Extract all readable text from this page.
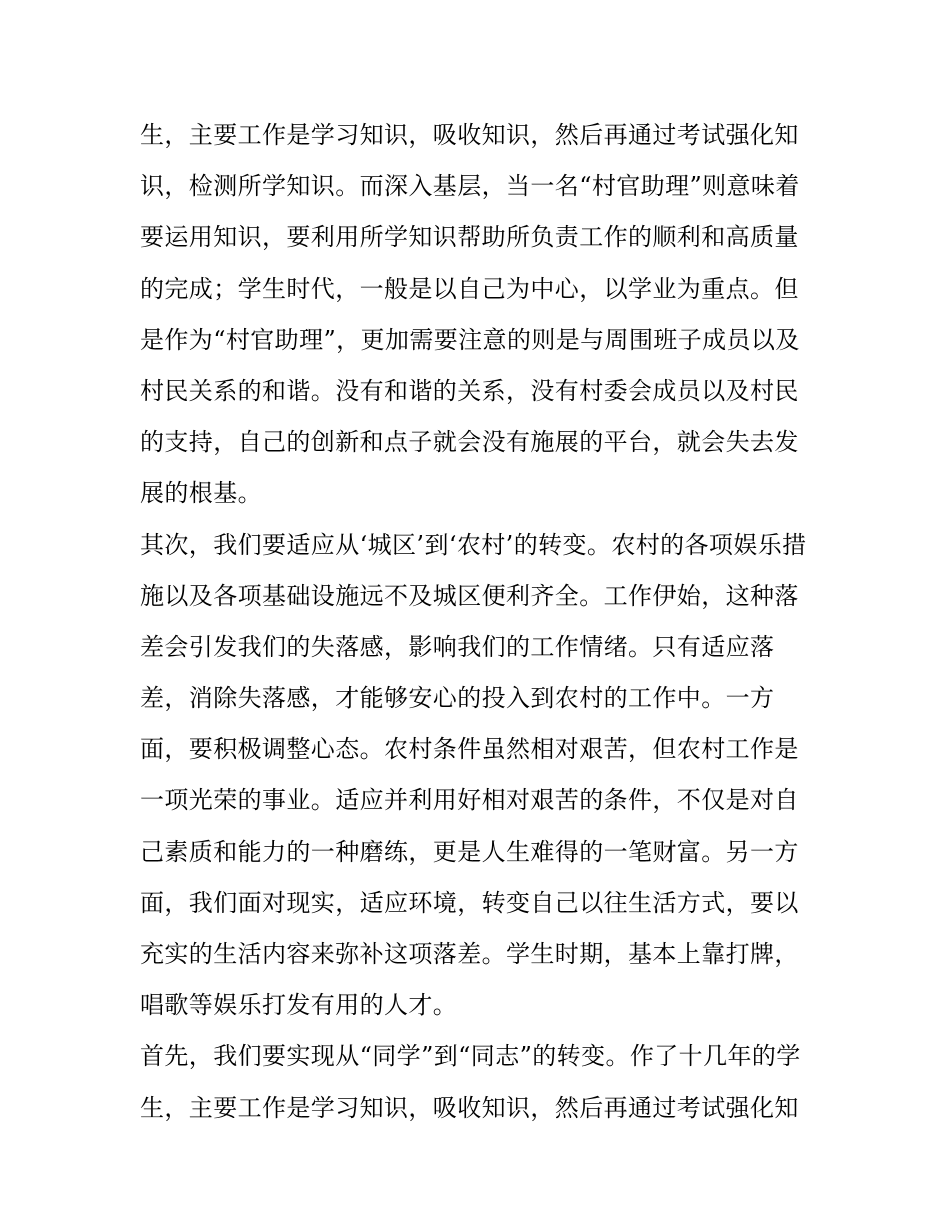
生，主要工作是学习知识，吸收知识，然后再通过考试强化知
识，检测所学知识。而深入基层，当一名“村官助理”则意味着
要运用知识，要利用所学知识帮助所负责工作的顺利和高质量
的完成；学生时代，一般是以自己为中心，以学业为重点。但
是作为“村官助理”，更加需要注意的则是与周围班子成员以及
村民关系的和谐。没有和谐的关系，没有村委会成员以及村民
的支持，自己的创新和点子就会没有施展的平台，就会失去发
展的根基。
其次，我们要适应从‘城区’到‘农村’的转变。农村的各项娱乐措
施以及各项基础设施远不及城区便利齐全。工作伊始，这种落
差会引发我们的失落感，影响我们的工作情绪。只有适应落
差，消除失落感，才能够安心的投入到农村的工作中。一方
面，要积极调整心态。农村条件虽然相对艰苦，但农村工作是
一项光荣的事业。适应并利用好相对艰苦的条件，不仅是对自
己素质和能力的一种磨练，更是人生难得的一笔财富。另一方
面，我们面对现实，适应环境，转变自己以往生活方式，要以
充实的生活内容来弥补这项落差。学生时期，基本上靠打牌，
唱歌等娱乐打发有用的人才。
首先，我们要实现从“同学”到“同志”的转变。作了十几年的学
生，主要工作是学习知识，吸收知识，然后再通过考试强化知
